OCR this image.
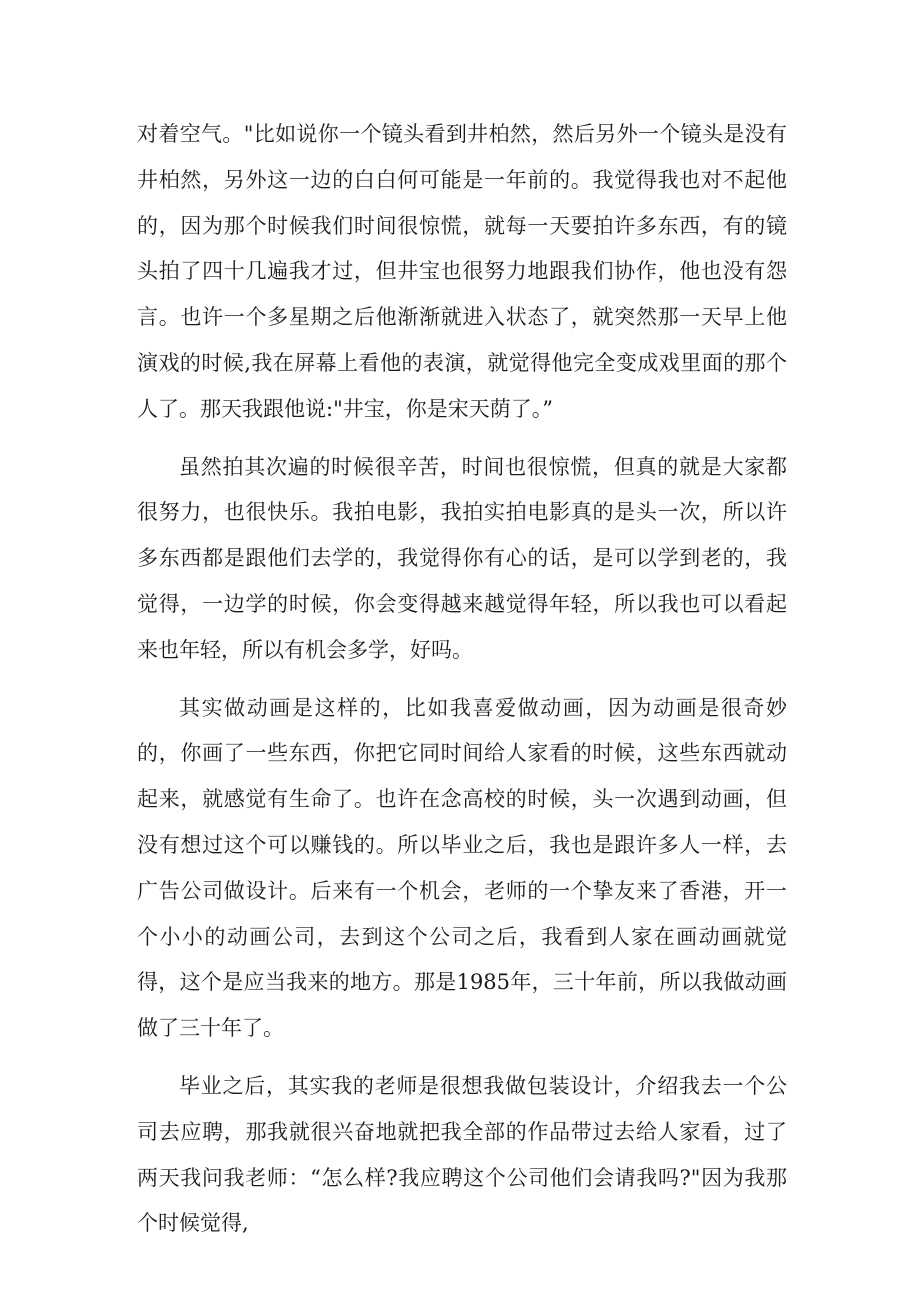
对着空气。"比如说你一个镜头看到井柏然，然后另外一个镜头是没有井柏然，另外这一边的白白何可能是一年前的。我觉得我也对不起他的，因为那个时候我们时间很惊慌，就每一天要拍许多东西，有的镜头拍了四十几遍我才过，但井宝也很努力地跟我们协作，他也没有怨言。也许一个多星期之后他渐渐就进入状态了，就突然那一天早上他演戏的时候,我在屏幕上看他的表演，就觉得他完全变成戏里面的那个人了。那天我跟他说:"井宝，你是宋天荫了。”

虽然拍其次遍的时候很辛苦，时间也很惊慌，但真的就是大家都很努力，也很快乐。我拍电影，我拍实拍电影真的是头一次，所以许多东西都是跟他们去学的，我觉得你有心的话，是可以学到老的，我觉得，一边学的时候，你会变得越来越觉得年轻，所以我也可以看起来也年轻，所以有机会多学，好吗。

其实做动画是这样的，比如我喜爱做动画，因为动画是很奇妙的，你画了一些东西，你把它同时间给人家看的时候，这些东西就动起来，就感觉有生命了。也许在念高校的时候，头一次遇到动画，但没有想过这个可以赚钱的。所以毕业之后，我也是跟许多人一样，去广告公司做设计。后来有一个机会，老师的一个挚友来了香港，开一个小小的动画公司，去到这个公司之后，我看到人家在画动画就觉得，这个是应当我来的地方。那是1985年，三十年前，所以我做动画做了三十年了。

毕业之后，其实我的老师是很想我做包装设计，介绍我去一个公司去应聘，那我就很兴奋地就把我全部的作品带过去给人家看，过了两天我问我老师：“怎么样?我应聘这个公司他们会请我吗?"因为我那个时候觉得,
